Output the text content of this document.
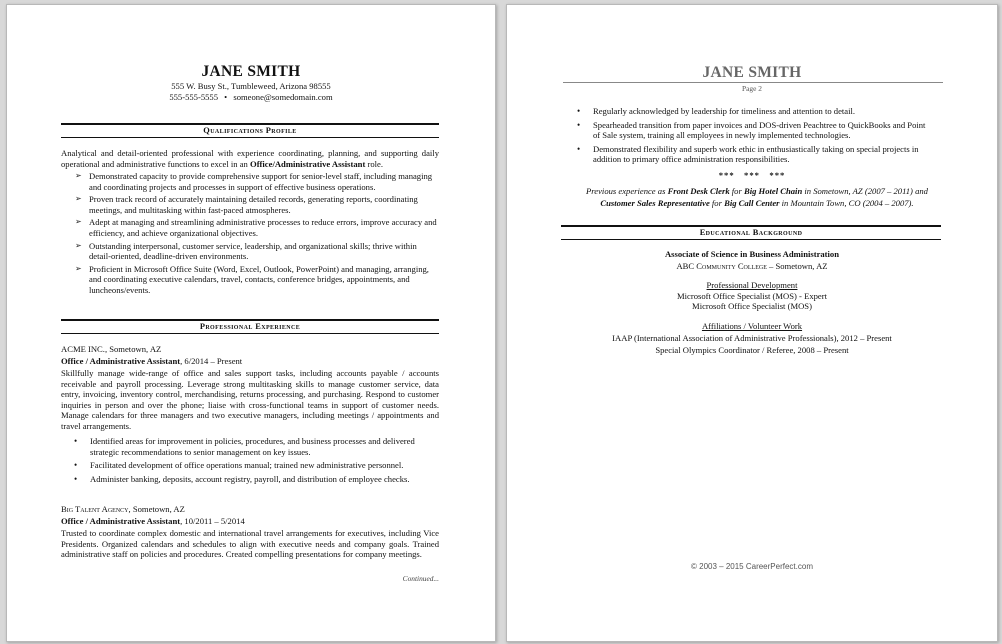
JANE SMITH
555 W. Busy St., Tumbleweed, Arizona 98555
555-555-5555 • someone@somedomain.com
Qualifications Profile
Analytical and detail-oriented professional with experience coordinating, planning, and supporting daily operational and administrative functions to excel in an Office/Administrative Assistant role.
➢ Demonstrated capacity to provide comprehensive support for senior-level staff, including managing and coordinating projects and processes in support of effective business operations.
➢ Proven track record of accurately maintaining detailed records, generating reports, coordinating meetings, and multitasking within fast-paced atmospheres.
➢ Adept at managing and streamlining administrative processes to reduce errors, improve accuracy and efficiency, and achieve organizational objectives.
➢ Outstanding interpersonal, customer service, leadership, and organizational skills; thrive within detail-oriented, deadline-driven environments.
➢ Proficient in Microsoft Office Suite (Word, Excel, Outlook, PowerPoint) and managing, arranging, and coordinating executive calendars, travel, contacts, conference bridges, appointments, and luncheons/events.
Professional Experience
ACME INC., Sometown, AZ
Office / Administrative Assistant, 6/2014 – Present
Skillfully manage wide-range of office and sales support tasks, including accounts payable / accounts receivable and payroll processing. Leverage strong multitasking skills to manage customer service, data entry, invoicing, inventory control, merchandising, returns processing, and purchasing. Respond to customer inquiries in person and over the phone; liaise with cross-functional teams in support of customer needs. Manage calendars for three managers and two executive managers, including meetings / appointments and travel arrangements.
• Identified areas for improvement in policies, procedures, and business processes and delivered strategic recommendations to senior management on key issues.
• Facilitated development of office operations manual; trained new administrative personnel.
• Administer banking, deposits, account registry, payroll, and distribution of employee checks.
Big Talent Agency, Sometown, AZ
Office / Administrative Assistant, 10/2011 – 5/2014
Trusted to coordinate complex domestic and international travel arrangements for executives, including Vice Presidents. Organized calendars and schedules to align with executive needs and company goals. Trained administrative staff on policies and procedures. Created compelling presentations for company meetings.
Continued...
JANE SMITH
Page 2
• Regularly acknowledged by leadership for timeliness and attention to detail.
• Spearheaded transition from paper invoices and DOS-driven Peachtree to QuickBooks and Point of Sale system, training all employees in newly implemented technologies.
• Demonstrated flexibility and superb work ethic in enthusiastically taking on special projects in addition to primary office administration responsibilities.
***   ***   ***
Previous experience as Front Desk Clerk for Big Hotel Chain in Sometown, AZ (2007 – 2011) and
Customer Sales Representative for Big Call Center in Mountain Town, CO (2004 – 2007).
Educational Background
Associate of Science in Business Administration
ABC Community College – Sometown, AZ
Professional Development
Microsoft Office Specialist (MOS) - Expert
Microsoft Office Specialist (MOS)
Affiliations / Volunteer Work
IAAP (International Association of Administrative Professionals), 2012 – Present
Special Olympics Coordinator / Referee, 2008 – Present
© 2003 – 2015 CareerPerfect.com
